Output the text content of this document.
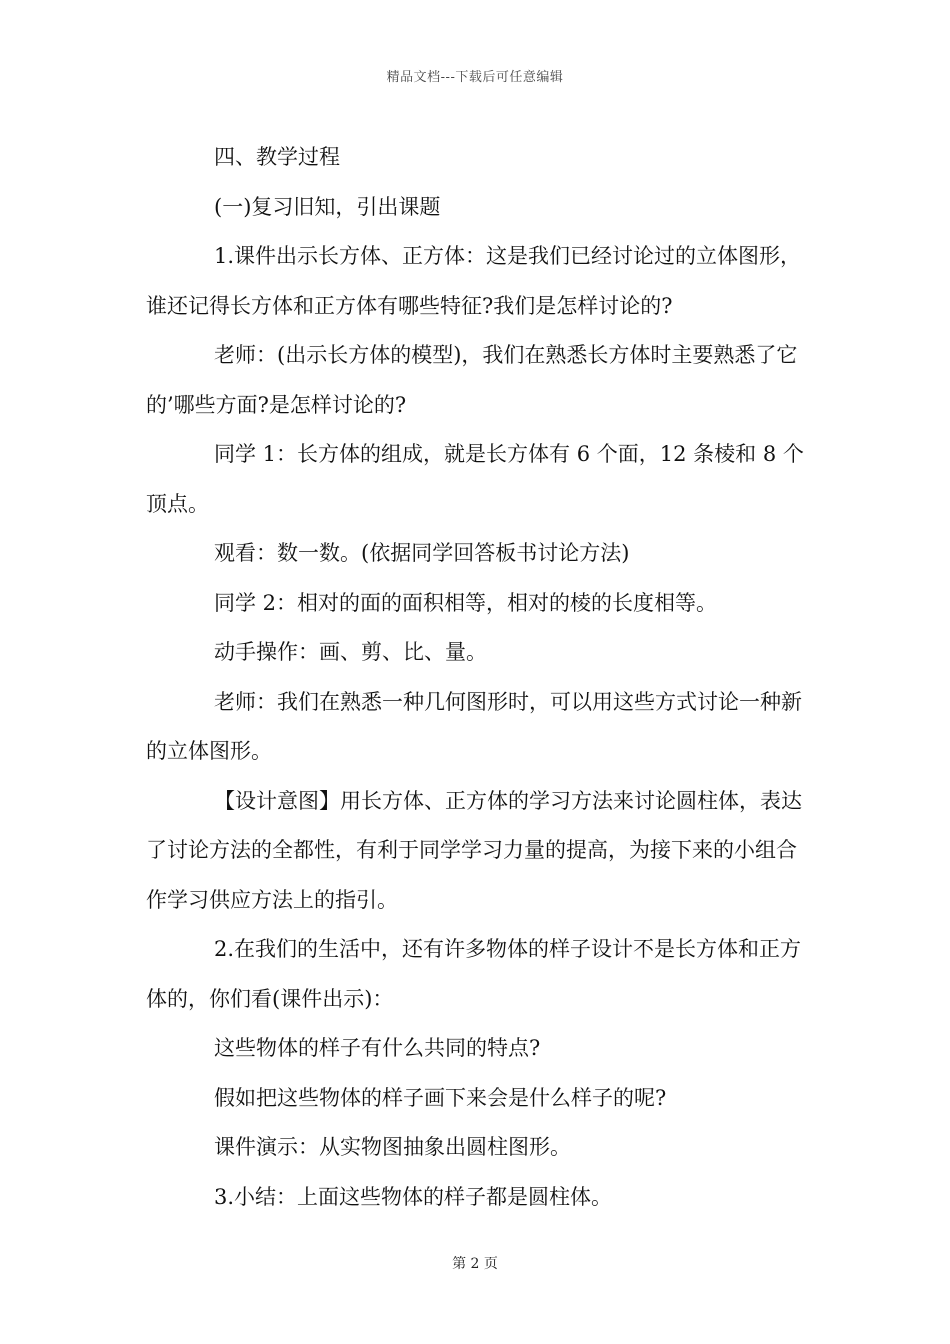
精品文档---下载后可任意编辑

四、教学过程

(一)复习旧知，引出课题

1.课件出示长方体、正方体：这是我们已经讨论过的立体图形，谁还记得长方体和正方体有哪些特征?我们是怎样讨论的?

老师：(出示长方体的模型)，我们在熟悉长方体时主要熟悉了它的’哪些方面?是怎样讨论的?

同学 1：长方体的组成，就是长方体有 6 个面，12 条棱和 8 个顶点。

观看：数一数。(依据同学回答板书讨论方法)

同学 2：相对的面的面积相等，相对的棱的长度相等。

动手操作：画、剪、比、量。

老师：我们在熟悉一种几何图形时，可以用这些方式讨论一种新的立体图形。

【设计意图】用长方体、正方体的学习方法来讨论圆柱体，表达了讨论方法的全都性，有利于同学学习力量的提高，为接下来的小组合作学习供应方法上的指引。

2.在我们的生活中，还有许多物体的样子设计不是长方体和正方体的，你们看(课件出示)：

这些物体的样子有什么共同的特点?

假如把这些物体的样子画下来会是什么样子的呢?

课件演示：从实物图抽象出圆柱图形。

3.小结：上面这些物体的样子都是圆柱体。

第 2 页
